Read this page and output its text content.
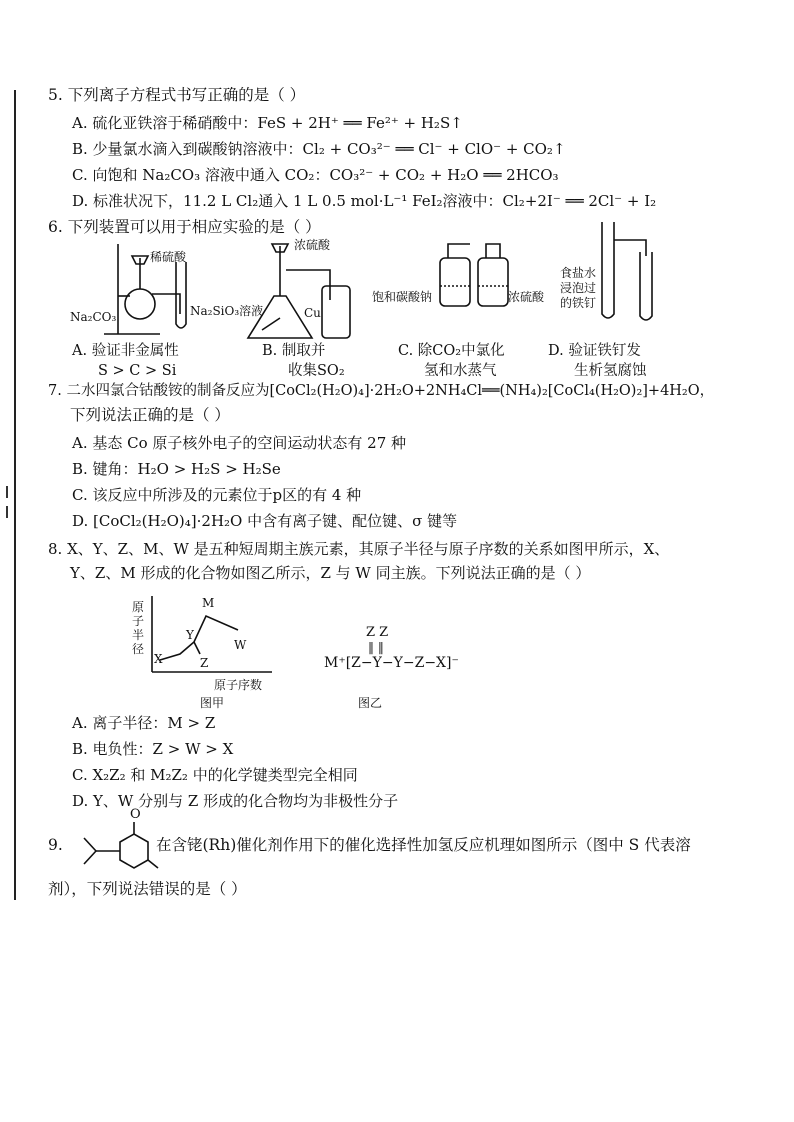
5. 下列离子方程式书写正确的是（ ）
A. 硫化亚铁溶于稀硝酸中：FeS + 2H⁺ ══ Fe²⁺ + H₂S↑
B. 少量氯水滴入到碳酸钠溶液中：Cl₂ + CO₃²⁻ ══ Cl⁻ + ClO⁻ + CO₂↑
C. 向饱和 Na₂CO₃ 溶液中通入 CO₂：CO₃²⁻ + CO₂ + H₂O ══ 2HCO₃
D. 标准状况下，11.2 L Cl₂通入 1 L 0.5 mol·L⁻¹ FeI₂溶液中：Cl₂+2I⁻ ══ 2Cl⁻ + I₂
6. 下列装置可以用于相应实验的是（ ）
稀硫酸
Na₂CO₃	Na₂SiO₃溶液
浓硫酸
Cu
饱和碳酸钠	浓硫酸
食盐水
浸泡过
的铁钉
A. 验证非金属性
S > C > Si
B. 制取并
收集SO₂
C. 除CO₂中氯化
氢和水蒸气
D. 验证铁钉发
生析氢腐蚀
7. 二水四氯合钴酸铵的制备反应为[CoCl₂(H₂O)₄]·2H₂O+2NH₄Cl══(NH₄)₂[CoCl₄(H₂O)₂]+4H₂O，
下列说法正确的是（ ）
A. 基态 Co 原子核外电子的空间运动状态有 27 种
B. 键角：H₂O > H₂S > H₂Se
C. 该反应中所涉及的元素位于p区的有 4 种
D. [CoCl₂(H₂O)₄]·2H₂O 中含有离子键、配位键、σ 键等
8. X、Y、Z、M、W 是五种短周期主族元素，其原子半径与原子序数的关系如图甲所示，X、
Y、Z、M 形成的化合物如图乙所示，Z 与 W 同主族。下列说法正确的是（ ）
原
子
半
径
X
Y
Z
M
W
原子序数
图甲
Z Z
‖ ‖
M⁺[Z−Y−Y−Z−X]⁻
图乙
A. 离子半径：M > Z
B. 电负性：Z > W > X
C. X₂Z₂ 和 M₂Z₂ 中的化学键类型完全相同
D. Y、W 分别与 Z 形成的化合物均为非极性分子
9.
O
在含铑(Rh)催化剂作用下的催化选择性加氢反应机理如图所示（图中 S 代表溶
剂），下列说法错误的是（ ）
